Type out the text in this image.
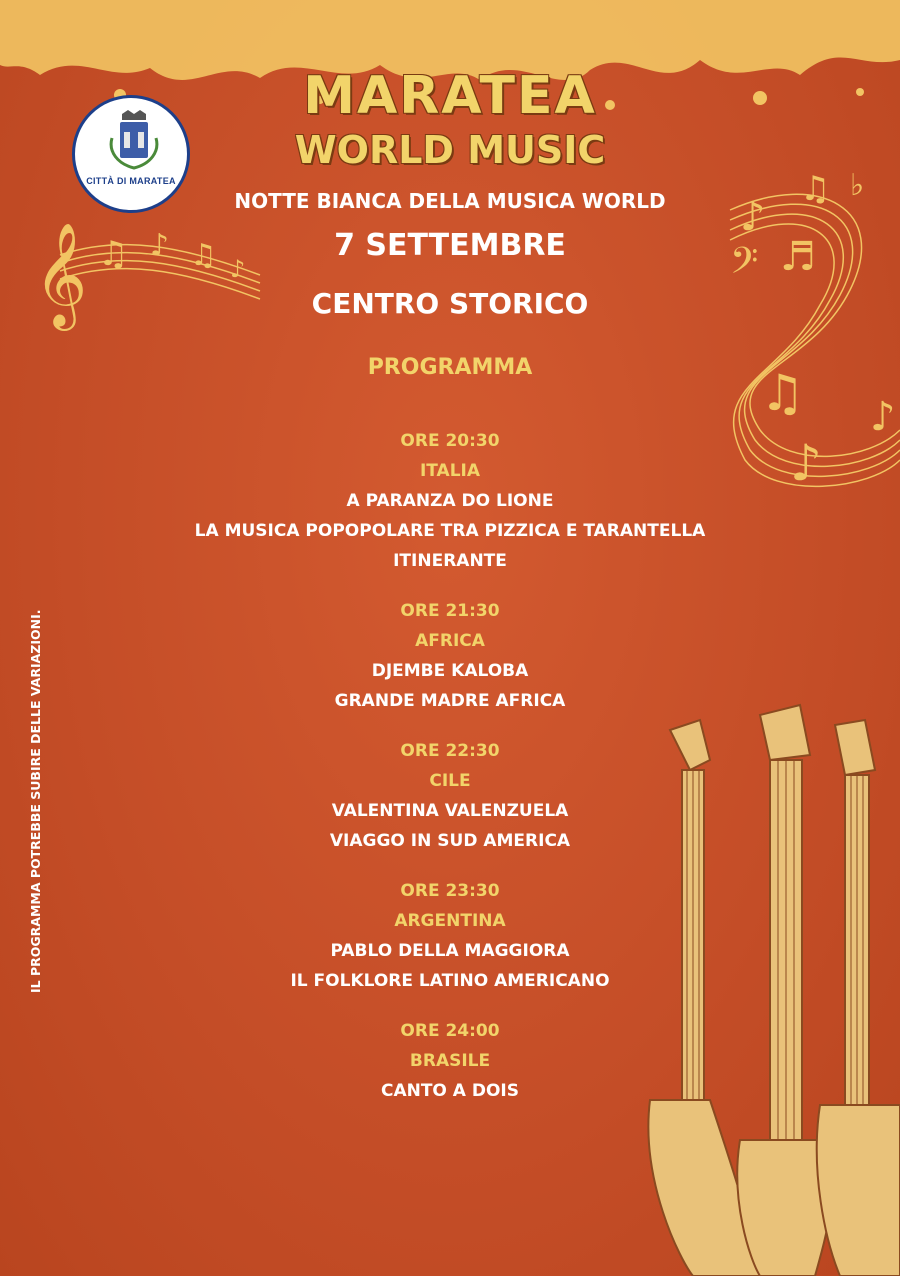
CITTÀ DI MARATEA
𝄞 ♫ ♪ ♫ ♪
♪
♫ ♭
𝄢 ♬
♫
♪
♪
MARATEA
WORLD MUSIC
NOTTE BIANCA DELLA MUSICA WORLD
7 SETTEMBRE
CENTRO STORICO
PROGRAMMA
ORE 20:30
ITALIA
A PARANZA DO LIONE
LA MUSICA POPOPOLARE TRA PIZZICA E TARANTELLA
ITINERANTE
ORE 21:30
AFRICA
DJEMBE KALOBA
GRANDE MADRE AFRICA
ORE 22:30
CILE
VALENTINA VALENZUELA
VIAGGO IN SUD AMERICA
ORE 23:30
ARGENTINA
PABLO DELLA MAGGIORA
IL FOLKLORE LATINO AMERICANO
ORE 24:00
BRASILE
CANTO A DOIS
IL PROGRAMMA POTREBBE SUBIRE DELLE VARIAZIONI.
